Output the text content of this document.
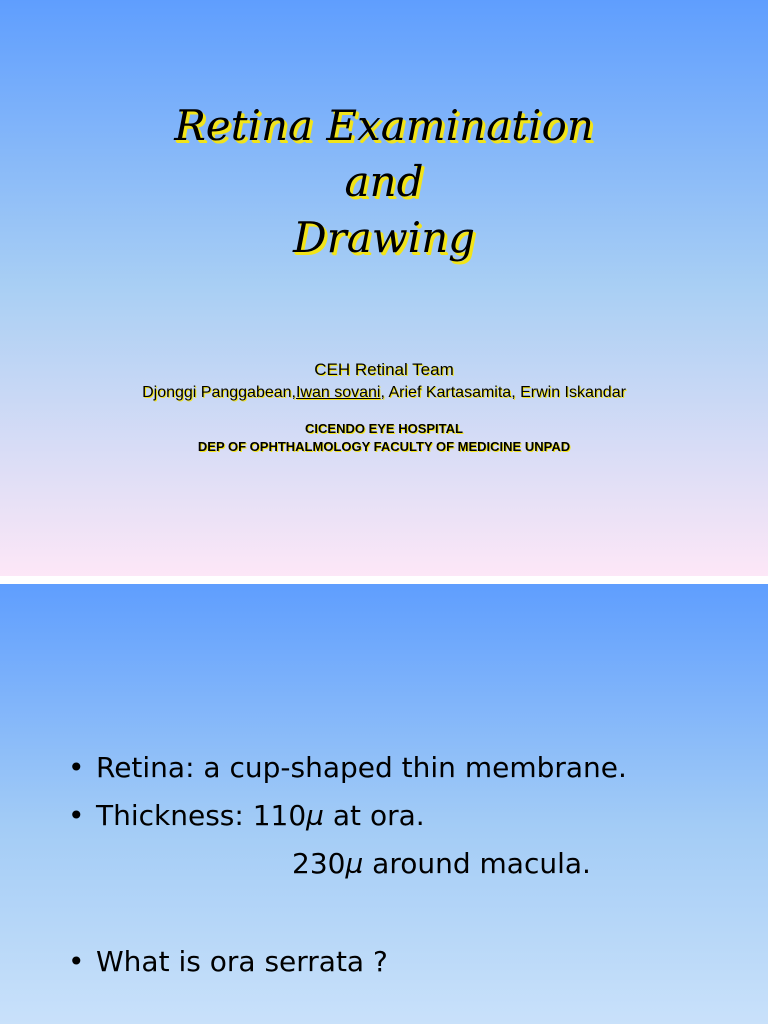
Retina Examination
and
Drawing
CEH Retinal Team
Djonggi Panggabean,Iwan sovani, Arief Kartasamita, Erwin Iskandar
CICENDO EYE HOSPITAL
DEP OF OPHTHALMOLOGY FACULTY OF MEDICINE UNPAD
• Retina: a cup-shaped thin membrane.
• Thickness: 110µ at ora.
230µ around macula.
• What is ora serrata ?
